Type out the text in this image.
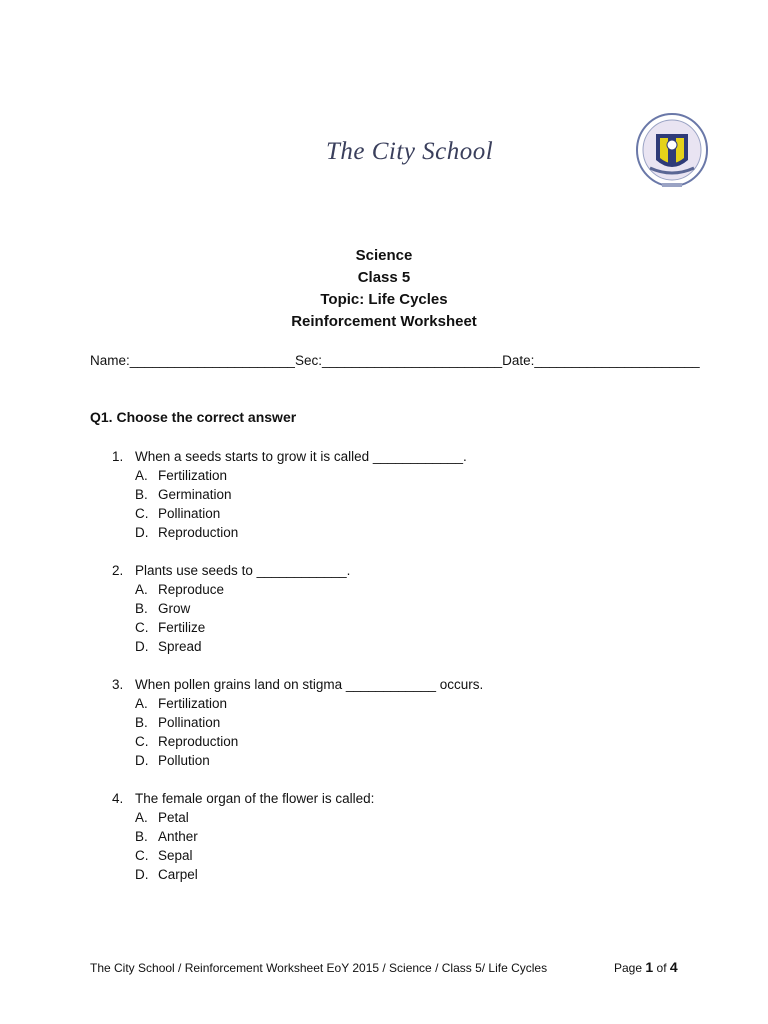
The City School
Science
Class 5
Topic: Life Cycles
Reinforcement Worksheet
Name:______________________Sec:________________________Date:______________________
Q1. Choose the correct answer
1. When a seeds starts to grow it is called ____________.
A. Fertilization
B. Germination
C. Pollination
D. Reproduction
2. Plants use seeds to ____________.
A. Reproduce
B. Grow
C. Fertilize
D. Spread
3. When pollen grains land on stigma ____________ occurs.
A. Fertilization
B. Pollination
C. Reproduction
D. Pollution
4. The female organ of the flower is called:
A. Petal
B. Anther
C. Sepal
D. Carpel
The City School / Reinforcement Worksheet EoY 2015 / Science / Class 5/ Life Cycles	Page 1 of 4
